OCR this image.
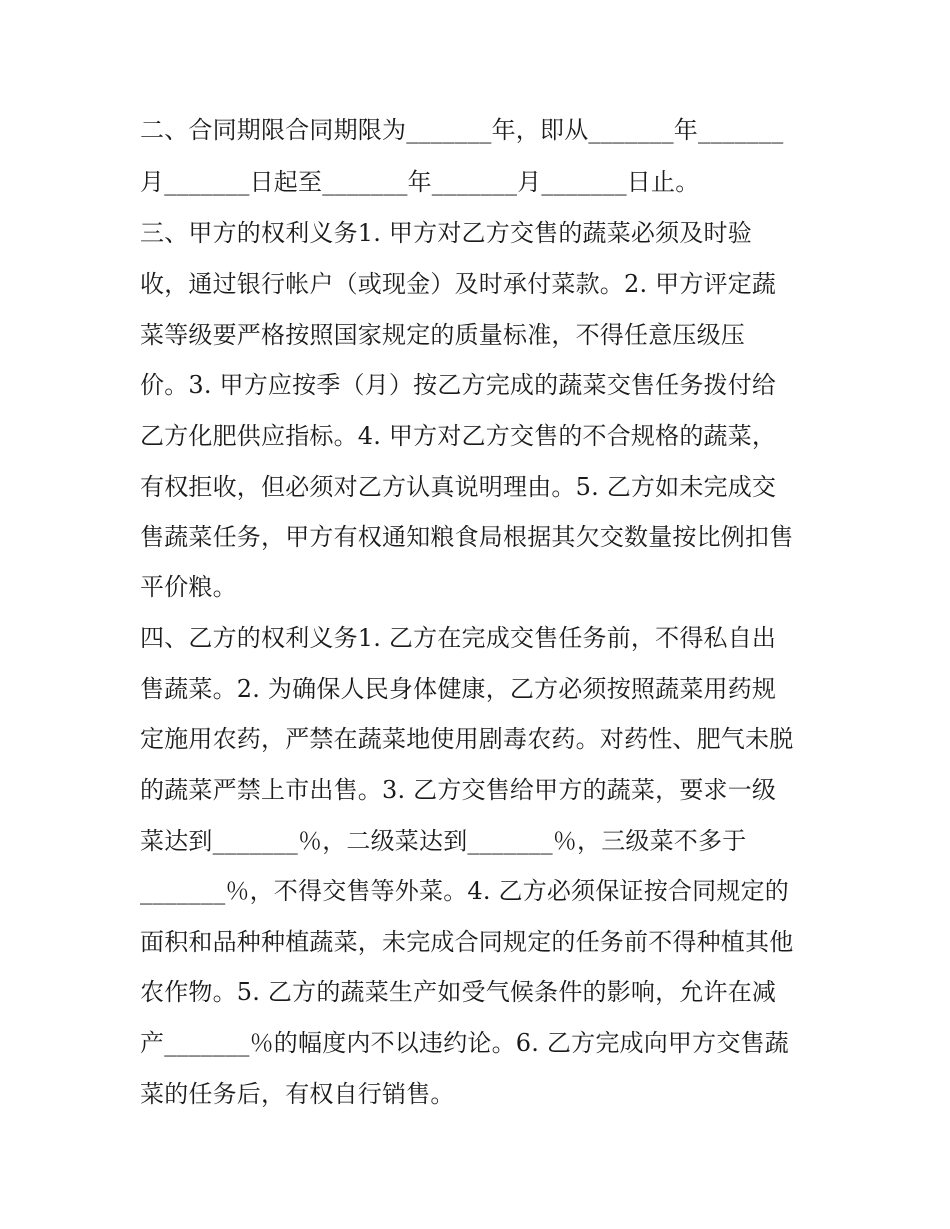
二、合同期限合同期限为_______年，即从_______年_______
月_______日起至_______年_______月_______日止。
三、甲方的权利义务1. 甲方对乙方交售的蔬菜必须及时验
收，通过银行帐户（或现金）及时承付菜款。2. 甲方评定蔬
菜等级要严格按照国家规定的质量标准，不得任意压级压
价。3. 甲方应按季（月）按乙方完成的蔬菜交售任务拨付给
乙方化肥供应指标。4. 甲方对乙方交售的不合规格的蔬菜，
有权拒收，但必须对乙方认真说明理由。5. 乙方如未完成交
售蔬菜任务，甲方有权通知粮食局根据其欠交数量按比例扣售
平价粮。
四、乙方的权利义务1. 乙方在完成交售任务前，不得私自出
售蔬菜。2. 为确保人民身体健康，乙方必须按照蔬菜用药规
定施用农药，严禁在蔬菜地使用剧毒农药。对药性、肥气未脱
的蔬菜严禁上市出售。3. 乙方交售给甲方的蔬菜，要求一级
菜达到_______％，二级菜达到_______％，三级菜不多于
_______％，不得交售等外菜。4. 乙方必须保证按合同规定的
面积和品种种植蔬菜，未完成合同规定的任务前不得种植其他
农作物。5. 乙方的蔬菜生产如受气候条件的影响，允许在减
产_______％的幅度内不以违约论。6. 乙方完成向甲方交售蔬
菜的任务后，有权自行销售。
